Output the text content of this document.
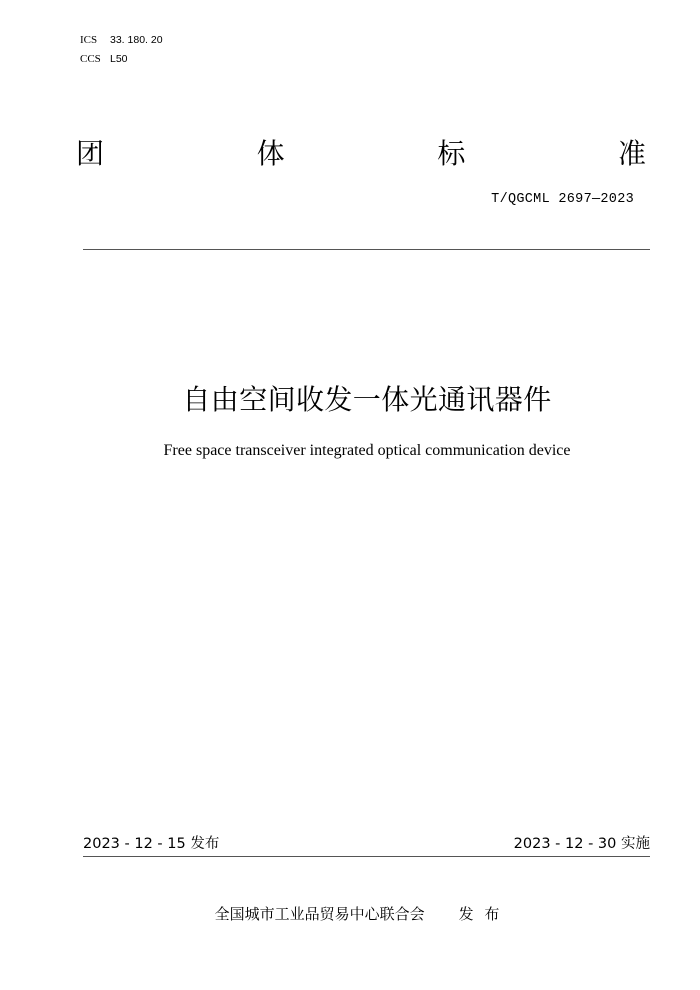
ICS 33. 180. 20
CCS L50
团	体	标	准
T/QGCML 2697—2023
自由空间收发一体光通讯器件
Free space transceiver integrated optical communication device
2023 - 12 - 15 发布	2023 - 12 - 30 实施
全国城市工业品贸易中心联合会 发 布
